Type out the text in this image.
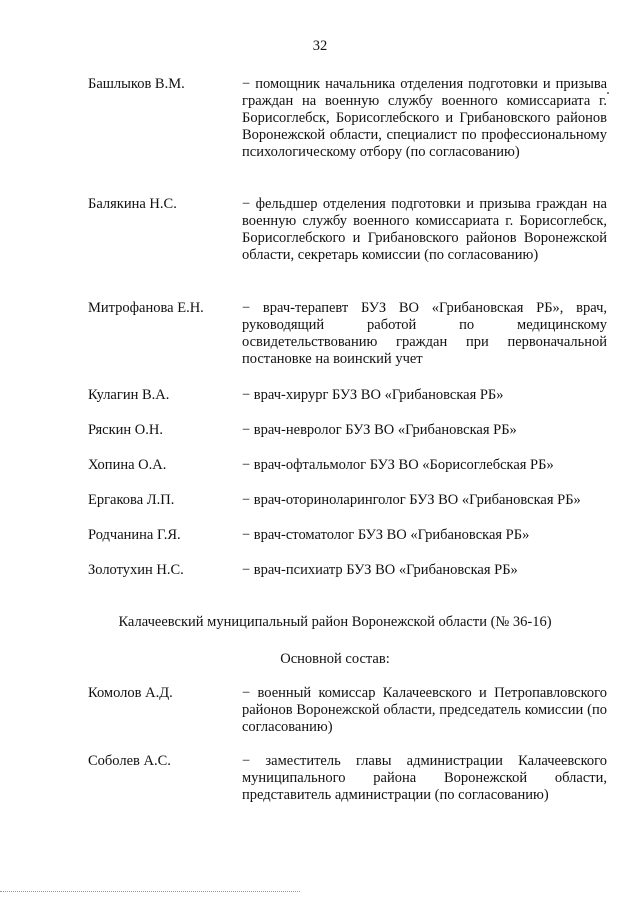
32
Башлыков В.М.	− помощник начальника отделения подготовки и призыва граждан на военную службу военного комиссариата г. Борисоглебск, Борисоглебского и Грибановского районов Воронежской области, специалист по профессиональному психологическому отбору (по согласованию)
Балякина Н.С.	− фельдшер отделения подготовки и призыва граждан на военную службу военного комиссариата г. Борисоглебск, Борисоглебского и Грибановского районов Воронежской области, секретарь комиссии (по согласованию)
Митрофанова Е.Н.	− врач-терапевт БУЗ ВО «Грибановская РБ», врач, руководящий работой по медицинскому освидетельствованию граждан при первоначальной постановке на воинский учет
Кулагин В.А.	− врач-хирург БУЗ ВО «Грибановская РБ»
Ряскин О.Н.	− врач-невролог БУЗ ВО «Грибановская РБ»
Хопина О.А.	− врач-офтальмолог БУЗ ВО «Борисоглебская РБ»
Ергакова Л.П.	− врач-оториноларинголог БУЗ ВО «Грибановская РБ»
Родчанина Г.Я.	− врач-стоматолог БУЗ ВО «Грибановская РБ»
Золотухин Н.С.	− врач-психиатр БУЗ ВО «Грибановская РБ»
Калачеевский муниципальный район Воронежской области (№ 36-16)
Основной состав:
Комолов А.Д.	− военный комиссар Калачеевского и Петропавловского районов Воронежской области, председатель комиссии (по согласованию)
Соболев А.С.	− заместитель главы администрации Калачеевского муниципального района Воронежской области, представитель администрации (по согласованию)
